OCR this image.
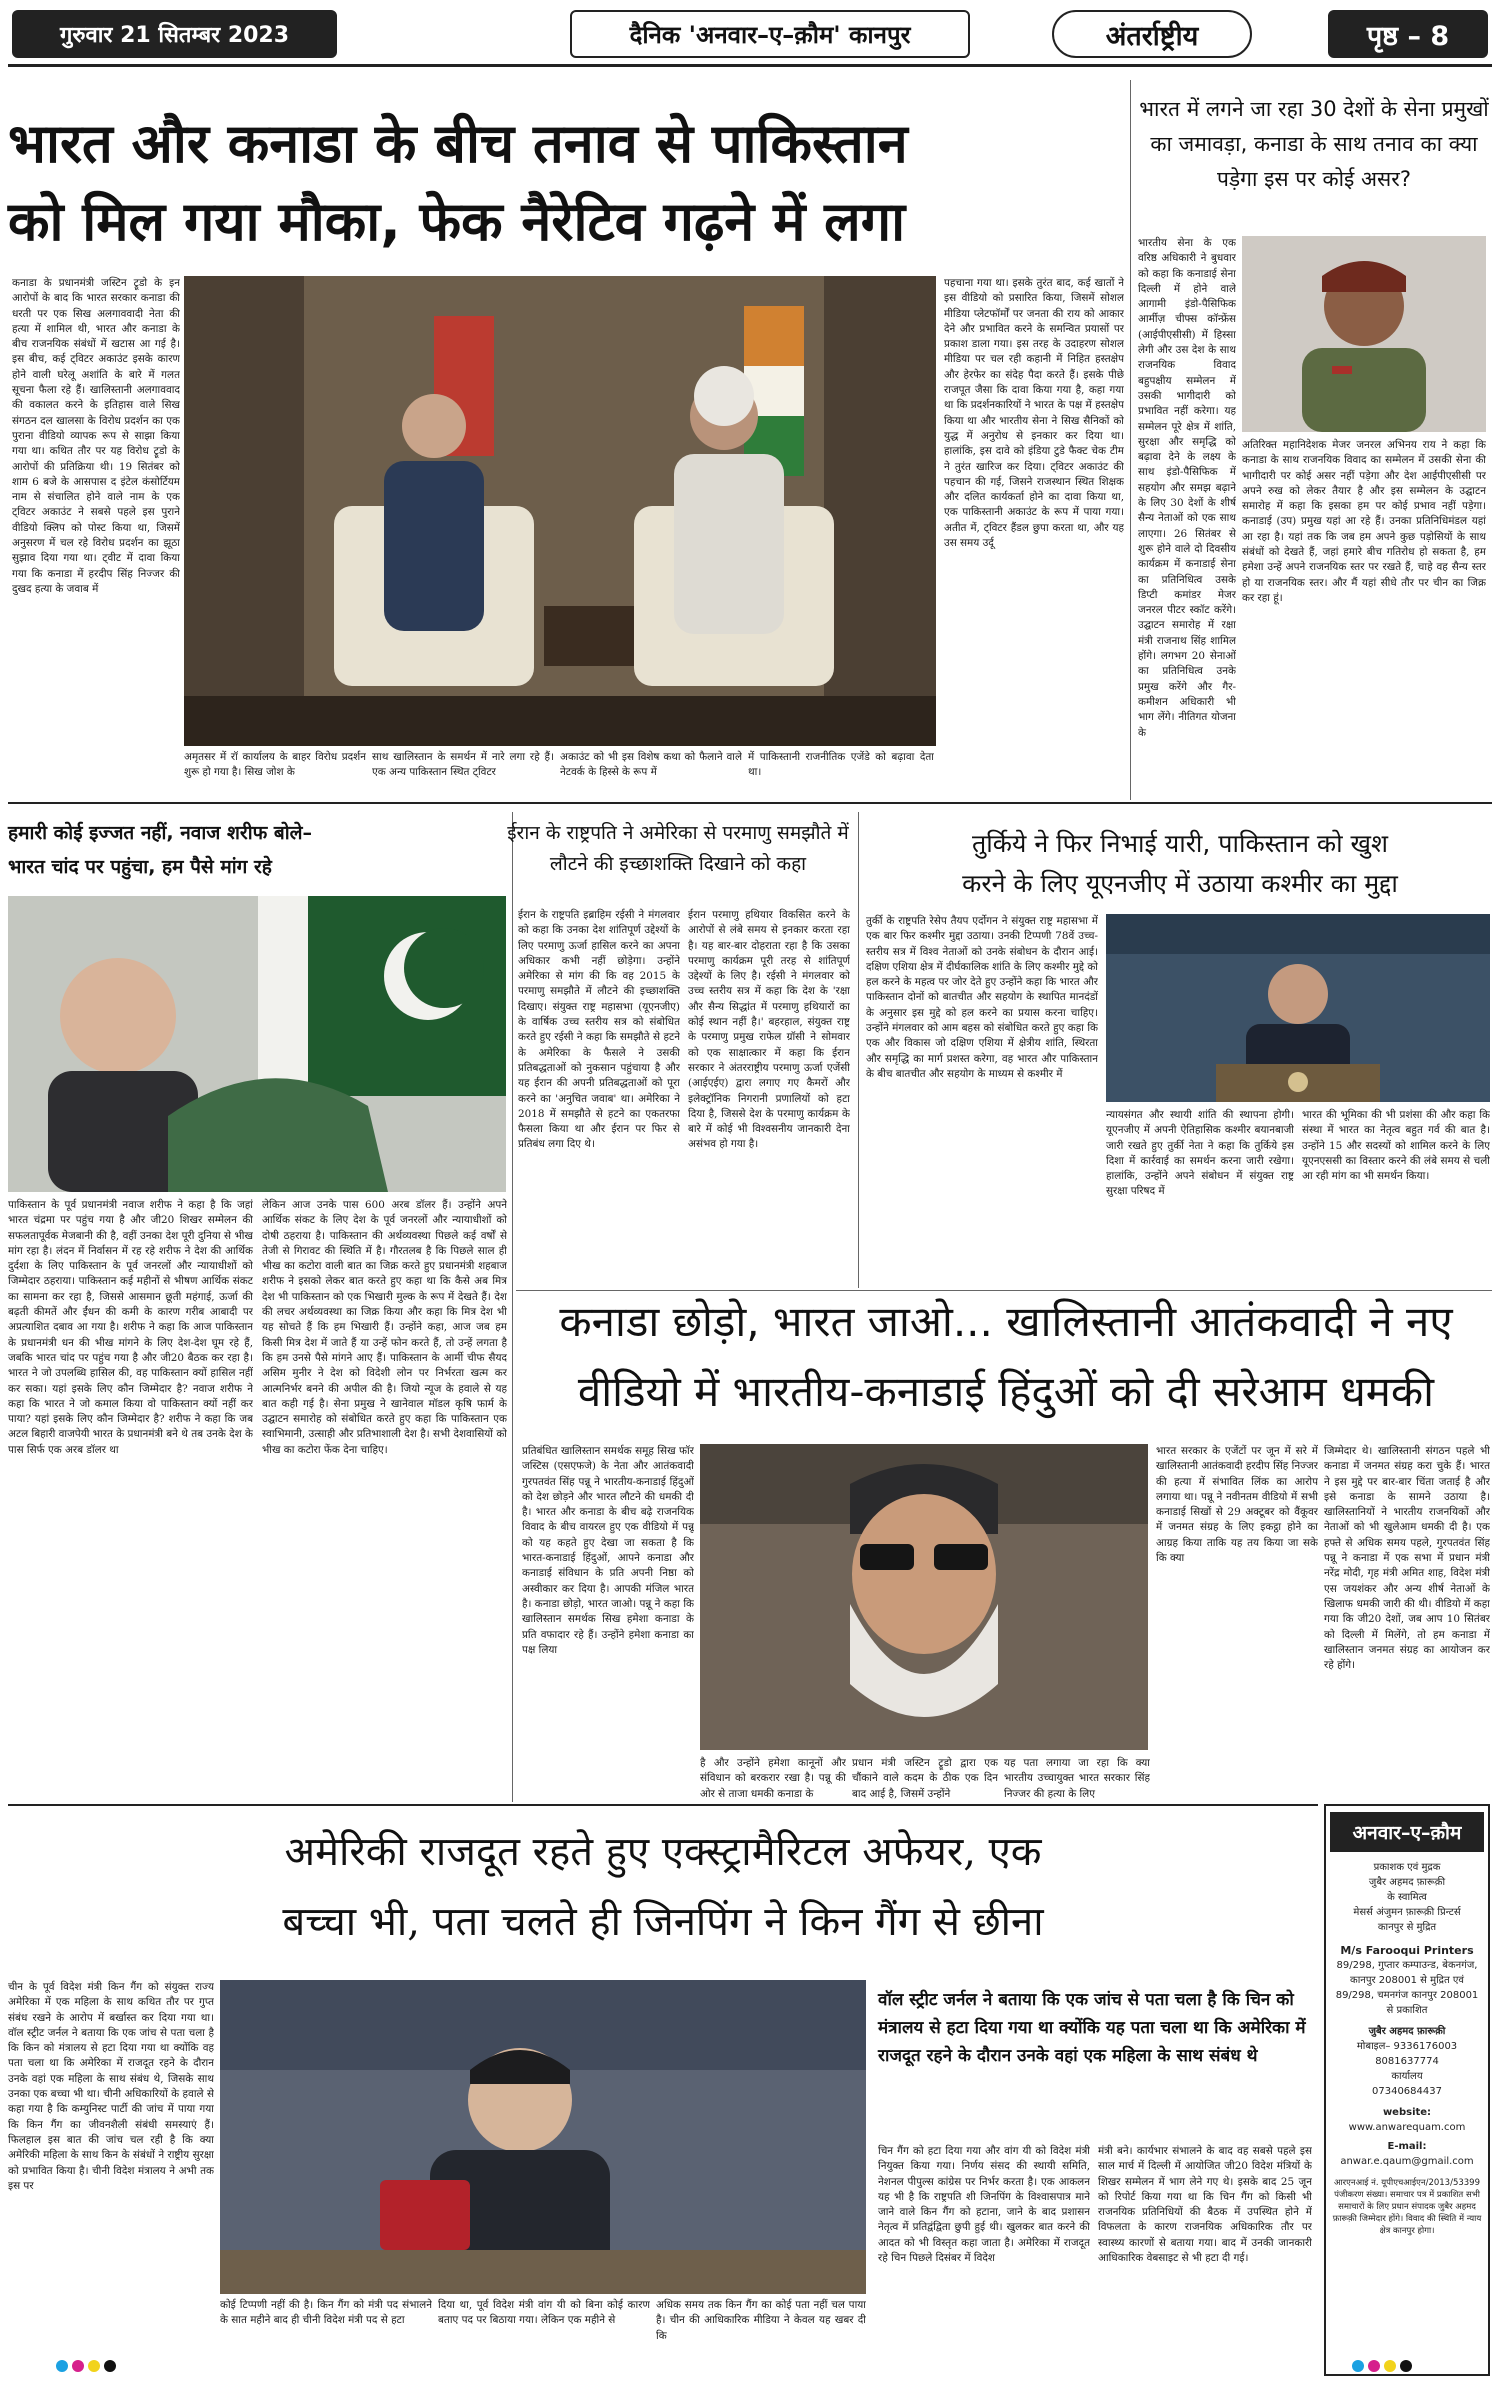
गुरुवार 21 सितम्बर 2023	दैनिक 'अनवार–ए–क़ौम' कानपुर	अंतर्राष्ट्रीय	पृष्ठ – 8
भारत और कनाडा के बीच तनाव से पाकिस्तान
को मिल गया मौका, फेक नैरेटिव गढ़ने में लगा

कनाडा के प्रधानमंत्री जस्टिन ट्रूडो के इन आरोपों के बाद कि भारत सरकार कनाडा की धरती पर एक सिख अलगाववादी नेता की हत्या में शामिल थी, भारत और कनाडा के बीच राजनयिक संबंधों में खटास आ गई है। इस बीच, कई ट्विटर अकाउंट इसके कारण होने वाली घरेलू अशांति के बारे में गलत सूचना फैला रहे हैं। खालिस्तानी अलगाववाद की वकालत करने के इतिहास वाले सिख संगठन दल खालसा के विरोध प्रदर्शन का एक पुराना वीडियो व्यापक रूप से साझा किया गया था। कथित तौर पर यह विरोध ट्रूडो के आरोपों की प्रतिक्रिया थी। 19 सितंबर को शाम 6 बजे के आसपास द इंटेल कंसोर्टियम नाम से संचालित होने वाले नाम के एक ट्विटर अकाउंट ने सबसे पहले इस पुराने वीडियो क्लिप को पोस्ट किया था, जिसमें अनुसरण में चल रहे विरोध प्रदर्शन का झूठा सुझाव दिया गया था। ट्वीट में दावा किया गया कि कनाडा में हरदीप सिंह निज्जर की दुखद हत्या के जवाब में

अमृतसर में रॉ कार्यालय के बाहर विरोध प्रदर्शन शुरू हो गया है। सिख जोश के

साथ खालिस्तान के समर्थन में नारे लगा रहे हैं। एक अन्य पाकिस्तान स्थित ट्विटर

अकाउंट को भी इस विशेष कथा को फैलाने वाले नेटवर्क के हिस्से के रूप में

में पाकिस्तानी राजनीतिक एजेंडे को बढ़ावा देता था।

पहचाना गया था। इसके तुरंत बाद, कई खातों ने इस वीडियो को प्रसारित किया, जिसमें सोशल मीडिया प्लेटफॉर्मों पर जनता की राय को आकार देने और प्रभावित करने के समन्वित प्रयासों पर प्रकाश डाला गया। इस तरह के उदाहरण सोशल मीडिया पर चल रही कहानी में निहित हस्तक्षेप और हेरफेर का संदेह पैदा करते हैं। इसके पीछे राजपूत जैसा कि दावा किया गया है, कहा गया था कि प्रदर्शनकारियों ने भारत के पक्ष में हस्तक्षेप किया था और भारतीय सेना ने सिख सैनिकों को युद्ध में अनुरोध से इनकार कर दिया था। हालांकि, इस दावे को इंडिया टुडे फैक्ट चेक टीम ने तुरंत खारिज कर दिया। ट्विटर अकाउंट की पहचान की गई, जिसने राजस्थान स्थित शिक्षक और दलित कार्यकर्ता होने का दावा किया था, एक पाकिस्तानी अकाउंट के रूप में पाया गया। अतीत में, ट्विटर हैंडल छुपा करता था, और यह उस समय उर्दू

भारत में लगने जा रहा 30 देशों के सेना प्रमुखों का जमावड़ा, कनाडा के साथ तनाव का क्या पड़ेगा इस पर कोई असर?

भारतीय सेना के एक वरिष्ठ अधिकारी ने बुधवार को कहा कि कनाडाई सेना दिल्ली में होने वाले आगामी इंडो-पैसिफिक आर्मीज़ चीफ्स कॉन्फ्रेंस (आईपीएसीसी) में हिस्सा लेगी और उस देश के साथ राजनयिक विवाद बहुपक्षीय सम्मेलन में उसकी भागीदारी को प्रभावित नहीं करेगा। यह सम्मेलन पूरे क्षेत्र में शांति, सुरक्षा और समृद्धि को बढ़ावा देने के लक्ष्य के साथ इंडो-पैसिफिक में सहयोग और समझ बढ़ाने के लिए 30 देशों के शीर्ष सैन्य नेताओं को एक साथ लाएगा। 26 सितंबर से शुरू होने वाले दो दिवसीय कार्यक्रम में कनाडाई सेना का प्रतिनिधित्व उसके डिप्टी कमांडर मेजर जनरल पीटर स्कॉट करेंगे। उद्घाटन समारोह में रक्षा मंत्री राजनाथ सिंह शामिल होंगे। लगभग 20 सेनाओं का प्रतिनिधित्व उनके प्रमुख करेंगे और गैर-कमीशन अधिकारी भी भाग लेंगे। नीतिगत योजना के

अतिरिक्त महानिदेशक मेजर जनरल अभिनय राय ने कहा कि कनाडा के साथ राजनयिक विवाद का सम्मेलन में उसकी सेना की भागीदारी पर कोई असर नहीं पड़ेगा और देश आईपीएसीसी पर अपने रुख को लेकर तैयार है और इस सम्मेलन के उद्घाटन समारोह में कहा कि इसका हम पर कोई प्रभाव नहीं पड़ेगा। कनाडाई (उप) प्रमुख यहां आ रहे हैं। उनका प्रतिनिधिमंडल यहां आ रहा है। यहां तक कि जब हम अपने कुछ पड़ोसियों के साथ संबंधों को देखते हैं, जहां हमारे बीच गतिरोध हो सकता है, हम हमेशा उन्हें अपने राजनयिक स्तर पर रखते हैं, चाहे वह सैन्य स्तर हो या राजनयिक स्तर। और मैं यहां सीधे तौर पर चीन का जिक्र कर रहा हूं।

हमारी कोई इज्जत नहीं, नवाज शरीफ बोले–
भारत चांद पर पहुंचा, हम पैसे मांग रहे

पाकिस्तान के पूर्व प्रधानमंत्री नवाज शरीफ ने कहा है कि जहां भारत चंद्रमा पर पहुंच गया है और जी20 शिखर सम्मेलन की सफलतापूर्वक मेजबानी की है, वहीं उनका देश पूरी दुनिया से भीख मांग रहा है। लंदन में निर्वासन में रह रहे शरीफ ने देश की आर्थिक दुर्दशा के लिए पाकिस्तान के पूर्व जनरलों और न्यायाधीशों को जिम्मेदार ठहराया। पाकिस्तान कई महीनों से भीषण आर्थिक संकट का सामना कर रहा है, जिससे आसमान छूती महंगाई, ऊर्जा की बढ़ती कीमतें और ईंधन की कमी के कारण गरीब आबादी पर अप्रत्याशित दबाव आ गया है। शरीफ ने कहा कि आज पाकिस्तान के प्रधानमंत्री धन की भीख मांगने के लिए देश-देश घूम रहे हैं, जबकि भारत चांद पर पहुंच गया है और जी20 बैठक कर रहा है। भारत ने जो उपलब्धि हासिल की, वह पाकिस्तान क्यों हासिल नहीं कर सका। यहां इसके लिए कौन जिम्मेदार है? नवाज शरीफ ने कहा कि भारत ने जो कमाल किया वो पाकिस्तान क्यों नहीं कर पाया? यहां इसके लिए कौन जिम्मेदार है? शरीफ ने कहा कि जब अटल बिहारी वाजपेयी भारत के प्रधानमंत्री बने थे तब उनके देश के पास सिर्फ एक अरब डॉलर था

लेकिन आज उनके पास 600 अरब डॉलर हैं। उन्होंने अपने आर्थिक संकट के लिए देश के पूर्व जनरलों और न्यायाधीशों को दोषी ठहराया है। पाकिस्तान की अर्थव्यवस्था पिछले कई वर्षों से तेजी से गिरावट की स्थिति में है। गौरतलब है कि पिछले साल ही भीख का कटोरा वाली बात का जिक्र करते हुए प्रधानमंत्री शहबाज शरीफ ने इसको लेकर बात करते हुए कहा था कि कैसे अब मित्र देश भी पाकिस्तान को एक भिखारी मुल्क के रूप में देखते हैं। देश की लचर अर्थव्यवस्था का जिक्र किया और कहा कि मित्र देश भी यह सोचते हैं कि हम भिखारी हैं। उन्होंने कहा, आज जब हम किसी मित्र देश में जाते हैं या उन्हें फोन करते हैं, तो उन्हें लगता है कि हम उनसे पैसे मांगने आए हैं। पाकिस्तान के आर्मी चीफ सैयद असिम मुनीर ने देश को विदेशी लोन पर निर्भरता खत्म कर आत्मनिर्भर बनने की अपील की है। जियो न्यूज के हवाले से यह बात कही गई है। सेना प्रमुख ने खानेवाल मॉडल कृषि फार्म के उद्घाटन समारोह को संबोधित करते हुए कहा कि पाकिस्तान एक स्वाभिमानी, उत्साही और प्रतिभाशाली देश है। सभी देशवासियों को भीख का कटोरा फेंक देना चाहिए।

ईरान के राष्ट्रपति ने अमेरिका से परमाणु समझौते में लौटने की इच्छाशक्ति दिखाने को कहा

ईरान के राष्ट्रपति इब्राहिम रईसी ने मंगलवार को कहा कि उनका देश शांतिपूर्ण उद्देश्यों के लिए परमाणु ऊर्जा हासिल करने का अपना अधिकार कभी नहीं छोड़ेगा। उन्होंने अमेरिका से मांग की कि वह 2015 के परमाणु समझौते में लौटने की इच्छाशक्ति दिखाए। संयुक्त राष्ट्र महासभा (यूएनजीए) के वार्षिक उच्च स्तरीय सत्र को संबोधित करते हुए रईसी ने कहा कि समझौते से हटने के अमेरिका के फैसले ने उसकी प्रतिबद्धताओं को नुकसान पहुंचाया है और यह ईरान की अपनी प्रतिबद्धताओं को पूरा करने का 'अनुचित जवाब' था। अमेरिका ने 2018 में समझौते से हटने का एकतरफा फैसला किया था और ईरान पर फिर से प्रतिबंध लगा दिए थे।

ईरान परमाणु हथियार विकसित करने के आरोपों से लंबे समय से इनकार करता रहा है। यह बार-बार दोहराता रहा है कि उसका परमाणु कार्यक्रम पूरी तरह से शांतिपूर्ण उद्देश्यों के लिए है। रईसी ने मंगलवार को उच्च स्तरीय सत्र में कहा कि देश के 'रक्षा और सैन्य सिद्धांत में परमाणु हथियारों का कोई स्थान नहीं है।' बहरहाल, संयुक्त राष्ट्र के परमाणु प्रमुख राफेल ग्रॉसी ने सोमवार को एक साक्षात्कार में कहा कि ईरान सरकार ने अंतरराष्ट्रीय परमाणु ऊर्जा एजेंसी (आईएईए) द्वारा लगाए गए कैमरों और इलेक्ट्रॉनिक निगरानी प्रणालियों को हटा दिया है, जिससे देश के परमाणु कार्यक्रम के बारे में कोई भी विश्वसनीय जानकारी देना असंभव हो गया है।

तुर्किये ने फिर निभाई यारी, पाकिस्तान को खुश
करने के लिए यूएनजीए में उठाया कश्मीर का मुद्दा

तुर्की के राष्ट्रपति रेसेप तैयप एर्दोगन ने संयुक्त राष्ट्र महासभा में एक बार फिर कश्मीर मुद्दा उठाया। उनकी टिप्पणी 78वें उच्च-स्तरीय सत्र में विश्व नेताओं को उनके संबोधन के दौरान आई। दक्षिण एशिया क्षेत्र में दीर्घकालिक शांति के लिए कश्मीर मुद्दे को हल करने के महत्व पर जोर देते हुए उन्होंने कहा कि भारत और पाकिस्तान दोनों को बातचीत और सहयोग के स्थापित मानदंडों के अनुसार इस मुद्दे को हल करने का प्रयास करना चाहिए। उन्होंने मंगलवार को आम बहस को संबोधित करते हुए कहा कि एक और विकास जो दक्षिण एशिया में क्षेत्रीय शांति, स्थिरता और समृद्धि का मार्ग प्रशस्त करेगा, वह भारत और पाकिस्तान के बीच बातचीत और सहयोग के माध्यम से कश्मीर में

न्यायसंगत और स्थायी शांति की स्थापना होगी। यूएनजीए में अपनी ऐतिहासिक कश्मीर बयानबाजी जारी रखते हुए तुर्की नेता ने कहा कि तुर्किये इस दिशा में कार्रवाई का समर्थन करना जारी रखेगा। हालांकि, उन्होंने अपने संबोधन में संयुक्त राष्ट्र सुरक्षा परिषद में

भारत की भूमिका की भी प्रशंसा की और कहा कि संस्था में भारत का नेतृत्व बहुत गर्व की बात है। उन्होंने 15 और सदस्यों को शामिल करने के लिए यूएनएससी का विस्तार करने की लंबे समय से चली आ रही मांग का भी समर्थन किया।

कनाडा छोड़ो, भारत जाओ... खालिस्तानी आतंकवादी ने नए
वीडियो में भारतीय-कनाडाई हिंदुओं को दी सरेआम धमकी

प्रतिबंधित खालिस्तान समर्थक समूह सिख फॉर जस्टिस (एसएफजे) के नेता और आतंकवादी गुरपतवंत सिंह पन्नू ने भारतीय-कनाडाई हिंदुओं को देश छोड़ने और भारत लौटने की धमकी दी है। भारत और कनाडा के बीच बढ़े राजनयिक विवाद के बीच वायरल हुए एक वीडियो में पन्नू को यह कहते हुए देखा जा सकता है कि भारत-कनाडाई हिंदुओं, आपने कनाडा और कनाडाई संविधान के प्रति अपनी निष्ठा को अस्वीकार कर दिया है। आपकी मंजिल भारत है। कनाडा छोड़ो, भारत जाओ। पन्नू ने कहा कि खालिस्तान समर्थक सिख हमेशा कनाडा के प्रति वफादार रहे हैं। उन्होंने हमेशा कनाडा का पक्ष लिया

है और उन्होंने हमेशा कानूनों और संविधान को बरकरार रखा है। पन्नू की ओर से ताजा धमकी कनाडा के

प्रधान मंत्री जस्टिन ट्रूडो द्वारा एक चौंकाने वाले कदम के ठीक एक दिन बाद आई है, जिसमें उन्होंने

यह पता लगाया जा रहा कि क्या भारतीय उच्चायुक्त भारत सरकार सिंह निज्जर की हत्या के लिए

भारत सरकार के एजेंटों पर जून में सरे में खालिस्तानी आतंकवादी हरदीप सिंह निज्जर की हत्या में संभावित लिंक का आरोप लगाया था। पन्नू ने नवीनतम वीडियो में सभी कनाडाई सिखों से 29 अक्टूबर को वैंकूवर में जनमत संग्रह के लिए इकट्ठा होने का आग्रह किया ताकि यह तय किया जा सके कि क्या

जिम्मेदार थे। खालिस्तानी संगठन पहले भी कनाडा में जनमत संग्रह करा चुके हैं। भारत ने इस मुद्दे पर बार-बार चिंता जताई है और इसे कनाडा के सामने उठाया है। खालिस्तानियों ने भारतीय राजनयिकों और नेताओं को भी खुलेआम धमकी दी है। एक हफ्ते से अधिक समय पहले, गुरपतवंत सिंह पन्नू ने कनाडा में एक सभा में प्रधान मंत्री नरेंद्र मोदी, गृह मंत्री अमित शाह, विदेश मंत्री एस जयशंकर और अन्य शीर्ष नेताओं के खिलाफ धमकी जारी की थी। वीडियो में कहा गया कि जी20 देशों, जब आप 10 सितंबर को दिल्ली में मिलेंगे, तो हम कनाडा में खालिस्तान जनमत संग्रह का आयोजन कर रहे होंगे।

अमेरिकी राजदूत रहते हुए एक्स्ट्रामैरिटल अफेयर, एक
बच्चा भी, पता चलते ही जिनपिंग ने किन गैंग से छीना

चीन के पूर्व विदेश मंत्री किन गैंग को संयुक्त राज्य अमेरिका में एक महिला के साथ कथित तौर पर गुप्त संबंध रखने के आरोप में बर्खास्त कर दिया गया था। वॉल स्ट्रीट जर्नल ने बताया कि एक जांच से पता चला है कि किन को मंत्रालय से हटा दिया गया था क्योंकि वह पता चला था कि अमेरिका में राजदूत रहने के दौरान उनके वहां एक महिला के साथ संबंध थे, जिसके साथ उनका एक बच्चा भी था। चीनी अधिकारियों के हवाले से कहा गया है कि कम्युनिस्ट पार्टी की जांच में पाया गया कि किन गैंग का जीवनशैली संबंधी समस्याएं हैं। फिलहाल इस बात की जांच चल रही है कि क्या अमेरिकी महिला के साथ किन के संबंधों ने राष्ट्रीय सुरक्षा को प्रभावित किया है। चीनी विदेश मंत्रालय ने अभी तक इस पर

कोई टिप्पणी नहीं की है। किन गैंग को मंत्री पद संभालने के सात महीने बाद ही चीनी विदेश मंत्री पद से हटा

दिया था, पूर्व विदेश मंत्री वांग यी को बिना कोई कारण बताए पद पर बिठाया गया। लेकिन एक महीने से

अधिक समय तक किन गैंग का कोई पता नहीं चल पाया है। चीन की आधिकारिक मीडिया ने केवल यह खबर दी कि

वॉल स्ट्रीट जर्नल ने बताया कि एक जांच से पता चला है कि चिन को मंत्रालय से हटा दिया गया था क्योंकि यह पता चला था कि अमेरिका में राजदूत रहने के दौरान उनके वहां एक महिला के साथ संबंध थे

चिन गैंग को हटा दिया गया और वांग यी को विदेश मंत्री नियुक्त किया गया। निर्णय संसद की स्थायी समिति, नेशनल पीपुल्स कांग्रेस पर निर्भर करता है। एक आकलन यह भी है कि राष्ट्रपति शी जिनपिंग के विश्वासपात्र माने जाने वाले किन गैंग को हटाना, जाने के बाद प्रशासन नेतृत्व में प्रतिद्वंद्विता छुपी हुई थी। खुलकर बात करने की आदत को भी विस्तृत कहा जाता है। अमेरिका में राजदूत रहे चिन पिछले दिसंबर में विदेश

मंत्री बने। कार्यभार संभालने के बाद वह सबसे पहले इस साल मार्च में दिल्ली में आयोजित जी20 विदेश मंत्रियों के शिखर सम्मेलन में भाग लेने गए थे। इसके बाद 25 जून को रिपोर्ट किया गया था कि चिन गैंग को किसी भी राजनयिक प्रतिनिधियों की बैठक में उपस्थित होने में विफलता के कारण राजनयिक अधिकारिक तौर पर स्वास्थ्य कारणों से बताया गया। बाद में उनकी जानकारी आधिकारिक वेबसाइट से भी हटा दी गई।

अनवार–ए–क़ौम
प्रकाशक एवं मुद्रक
जुबैर अहमद फ़ारूक़ी
के स्वामित्व
मेसर्स अंजुमन फ़ारूक़ी प्रिन्टर्स
कानपुर से मुद्रित
M/s Farooqui Printers
89/298, गुप्तार कम्पाउन्ड, बेकनगंज, कानपुर 208001 से मुद्रित एवं 89/298, चमनगंज कानपुर 208001 से प्रकाशित
जुबैर अहमद फ़ारूक़ी
मोबाइल– 9336176003
8081637774
कार्यालय
07340684437
website:
www.anwarequam.com
E-mail:
anwar.e.qaum@gmail.com
आरएनआई नं. यूपीएचआईएन/2013/53399 पंजीकरण संख्या। समाचार पत्र में प्रकाशित सभी समाचारों के लिए प्रधान संपादक जुबैर अहमद फ़ारूक़ी जिम्मेदार होंगे। विवाद की स्थिति में न्याय क्षेत्र कानपुर होगा।
